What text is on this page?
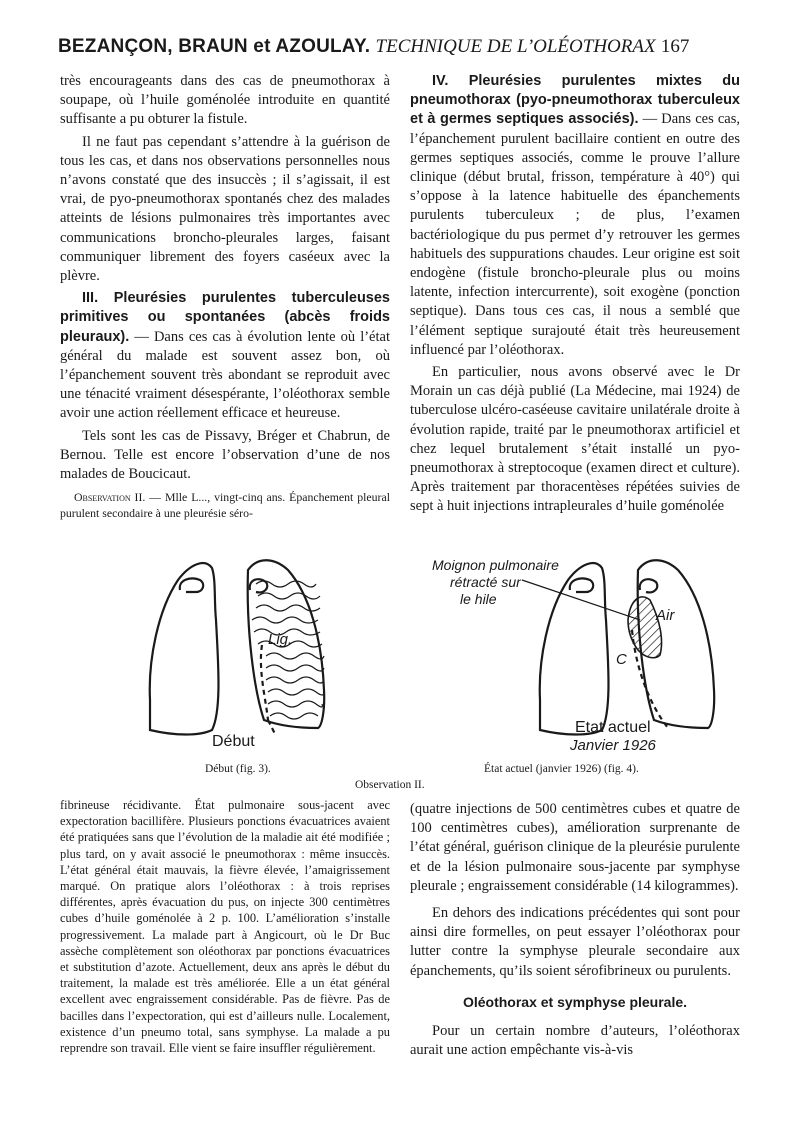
BEZANÇON, BRAUN et AZOULAY. TECHNIQUE DE L’OLÉOTHORAX 167

très encourageants dans des cas de pneumothorax à soupape, où l’huile goménolée introduite en quantité suffisante a pu obturer la fistule.

Il ne faut pas cependant s’attendre à la guérison de tous les cas, et dans nos observations personnelles nous n’avons constaté que des insuccès ; il s’agissait, il est vrai, de pyo-pneumothorax spontanés chez des malades atteints de lésions pulmonaires très importantes avec communications broncho-pleurales larges, faisant communiquer librement des foyers caséeux avec la plèvre.

III. Pleurésies purulentes tuberculeuses primitives ou spontanées (abcès froids pleuraux). — Dans ces cas à évolution lente où l’état général du malade est souvent assez bon, où l’épanchement souvent très abondant se reproduit avec une ténacité vraiment désespérante, l’oléothorax semble avoir une action réellement efficace et heureuse.

Tels sont les cas de Pissavy, Bréger et Chabrun, de Bernou. Telle est encore l’observation d’une de nos malades de Boucicaut.

Observation II. — Mlle L..., vingt-cinq ans. Épanchement pleural purulent secondaire à une pleurésie séro-

IV. Pleurésies purulentes mixtes du pneumothorax (pyo-pneumothorax tuberculeux et à germes septiques associés). — Dans ces cas, l’épanchement purulent bacillaire contient en outre des germes septiques associés, comme le prouve l’allure clinique (début brutal, frisson, température à 40°) qui s’oppose à la latence habituelle des épanchements purulents tuberculeux ; de plus, l’examen bactériologique du pus permet d’y retrouver les germes habituels des suppurations chaudes. Leur origine est soit endogène (fistule broncho-pleurale plus ou moins latente, infection intercurrente), soit exogène (ponction septique). Dans tous ces cas, il nous a semblé que l’élément septique surajouté était très heureusement influencé par l’oléothorax.

En particulier, nous avons observé avec le Dr Morain un cas déjà publié (La Médecine, mai 1924) de tuberculose ulcéro-caséeuse cavitaire unilatérale droite à évolution rapide, traité par le pneumothorax artificiel et chez lequel brutalement s’était installé un pyo-pneumothorax à streptocoque (examen direct et culture). Après traitement par thoracentèses répétées suivies de sept à huit injections intrapleurales d’huile goménolée

Lig.
Début
Moignon pulmonaire
rétracté sur
le hile
Air
C
Etat actuel
Janvier 1926
Début (fig. 3).	État actuel (janvier 1926) (fig. 4).
Observation II.

fibrineuse récidivante. État pulmonaire sous-jacent avec expectoration bacillifère. Plusieurs ponctions évacuatrices avaient été pratiquées sans que l’évolution de la maladie ait été modifiée ; plus tard, on y avait associé le pneumothorax : même insuccès. L’état général était mauvais, la fièvre élevée, l’amaigrissement marqué. On pratique alors l’oléothorax : à trois reprises différentes, après évacuation du pus, on injecte 300 centimètres cubes d’huile goménolée à 2 p. 100. L’amélioration s’installe progressivement. La malade part à Angicourt, où le Dr Buc assèche complètement son oléothorax par ponctions évacuatrices et substitution d’azote. Actuellement, deux ans après le début du traitement, la malade est très améliorée. Elle a un état général excellent avec engraissement considérable. Pas de fièvre. Pas de bacilles dans l’expectoration, qui est d’ailleurs nulle. Localement, existence d’un pneumo total, sans symphyse. La malade a pu reprendre son travail. Elle vient se faire insuffler régulièrement.

(quatre injections de 500 centimètres cubes et quatre de 100 centimètres cubes), amélioration surprenante de l’état général, guérison clinique de la pleurésie purulente et de la lésion pulmonaire sous-jacente par symphyse pleurale ; engraissement considérable (14 kilogrammes).

En dehors des indications précédentes qui sont pour ainsi dire formelles, on peut essayer l’oléothorax pour lutter contre la symphyse pleurale secondaire aux épanchements, qu’ils soient sérofibrineux ou purulents.

Oléothorax et symphyse pleurale.

Pour un certain nombre d’auteurs, l’oléothorax aurait une action empêchante vis-à-vis
